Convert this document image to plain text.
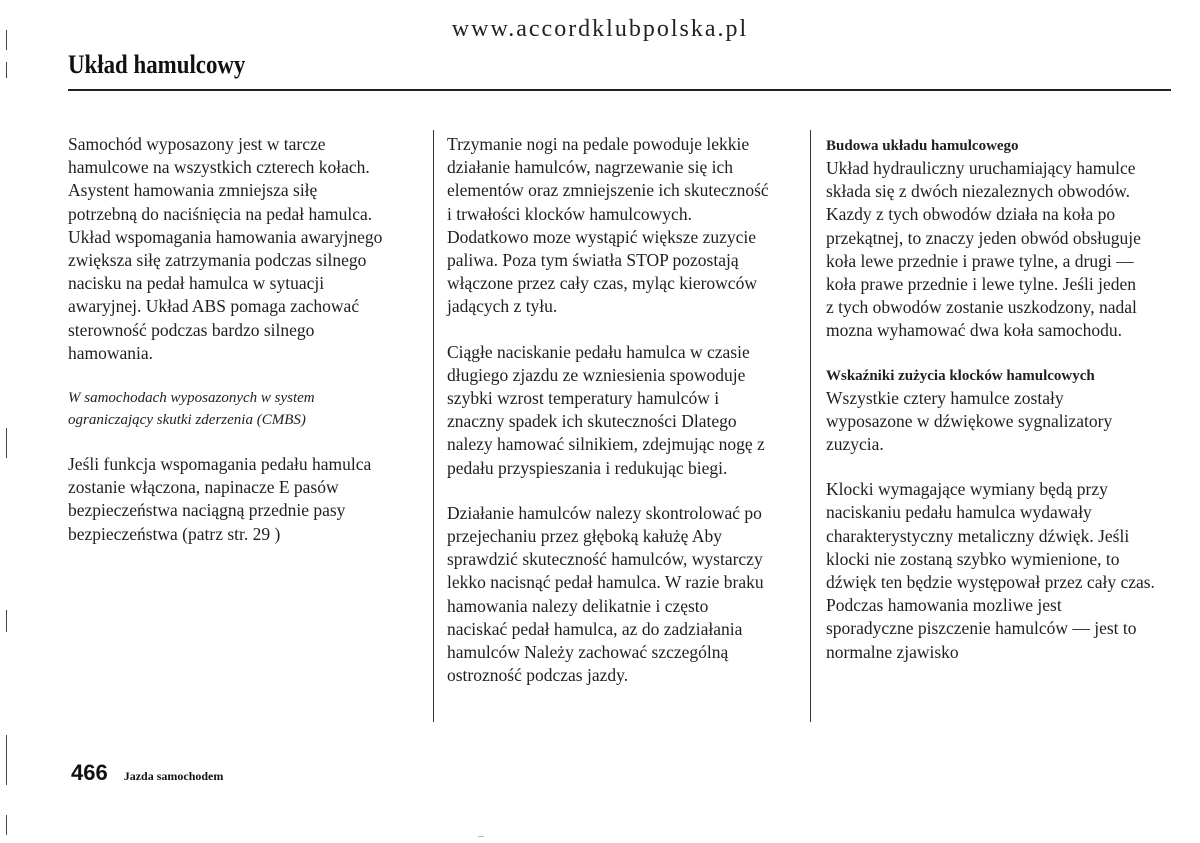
www.accordklubpolska.pl
Układ hamulcowy

Samochód wyposazony jest w tarcze
hamulcowe na wszystkich czterech kołach.
Asystent hamowania zmniejsza siłę
potrzebną do naciśnięcia na pedał hamulca.
Układ wspomagania hamowania awaryjnego
zwiększa siłę zatrzymania podczas silnego
nacisku na pedał hamulca w sytuacji
awaryjnej. Układ ABS pomaga zachować
sterowność podczas bardzo silnego
hamowania.

W samochodach wyposazonych w system
ograniczający skutki zderzenia (CMBS)

Jeśli funkcja wspomagania pedału hamulca
zostanie włączona, napinacze E pasów
bezpieczeństwa naciągną przednie pasy
bezpieczeństwa (patrz str. 29 )

Trzymanie nogi na pedale powoduje lekkie
działanie hamulców, nagrzewanie się ich
elementów oraz zmniejszenie ich skuteczność
i trwałości klocków hamulcowych.
Dodatkowo moze wystąpić większe zuzycie
paliwa. Poza tym światła STOP pozostają
włączone przez cały czas, myląc kierowców
jadących z tyłu.

Ciągłe naciskanie pedału hamulca w czasie
długiego zjazdu ze wzniesienia spowoduje
szybki wzrost temperatury hamulców i
znaczny spadek ich skuteczności Dlatego
nalezy hamować silnikiem, zdejmując nogę z
pedału przyspieszania i redukując biegi.

Działanie hamulców nalezy skontrolować po
przejechaniu przez głęboką kałużę Aby
sprawdzić skuteczność hamulców, wystarczy
lekko nacisnąć pedał hamulca. W razie braku
hamowania nalezy delikatnie i często
naciskać pedał hamulca, az do zadziałania
hamulców Należy zachować szczególną
ostrozność podczas jazdy.

Budowa układu hamulcowego

Układ hydrauliczny uruchamiający hamulce
składa się z dwóch niezaleznych obwodów.
Kazdy z tych obwodów działa na koła po
przekątnej, to znaczy jeden obwód obsługuje
koła lewe przednie i prawe tylne, a drugi —
koła prawe przednie i lewe tylne. Jeśli jeden
z tych obwodów zostanie uszkodzony, nadal
mozna wyhamować dwa koła samochodu.

Wskaźniki zużycia klocków hamulcowych

Wszystkie cztery hamulce zostały
wyposazone w dźwiękowe sygnalizatory
zuzycia.

Klocki wymagające wymiany będą przy
naciskaniu pedału hamulca wydawały
charakterystyczny metaliczny dźwięk. Jeśli
klocki nie zostaną szybko wymienione, to
dźwięk ten będzie występował przez cały czas.
Podczas hamowania mozliwe jest
sporadyczne piszczenie hamulców — jest to
normalne zjawisko

466 Jazda samochodem
